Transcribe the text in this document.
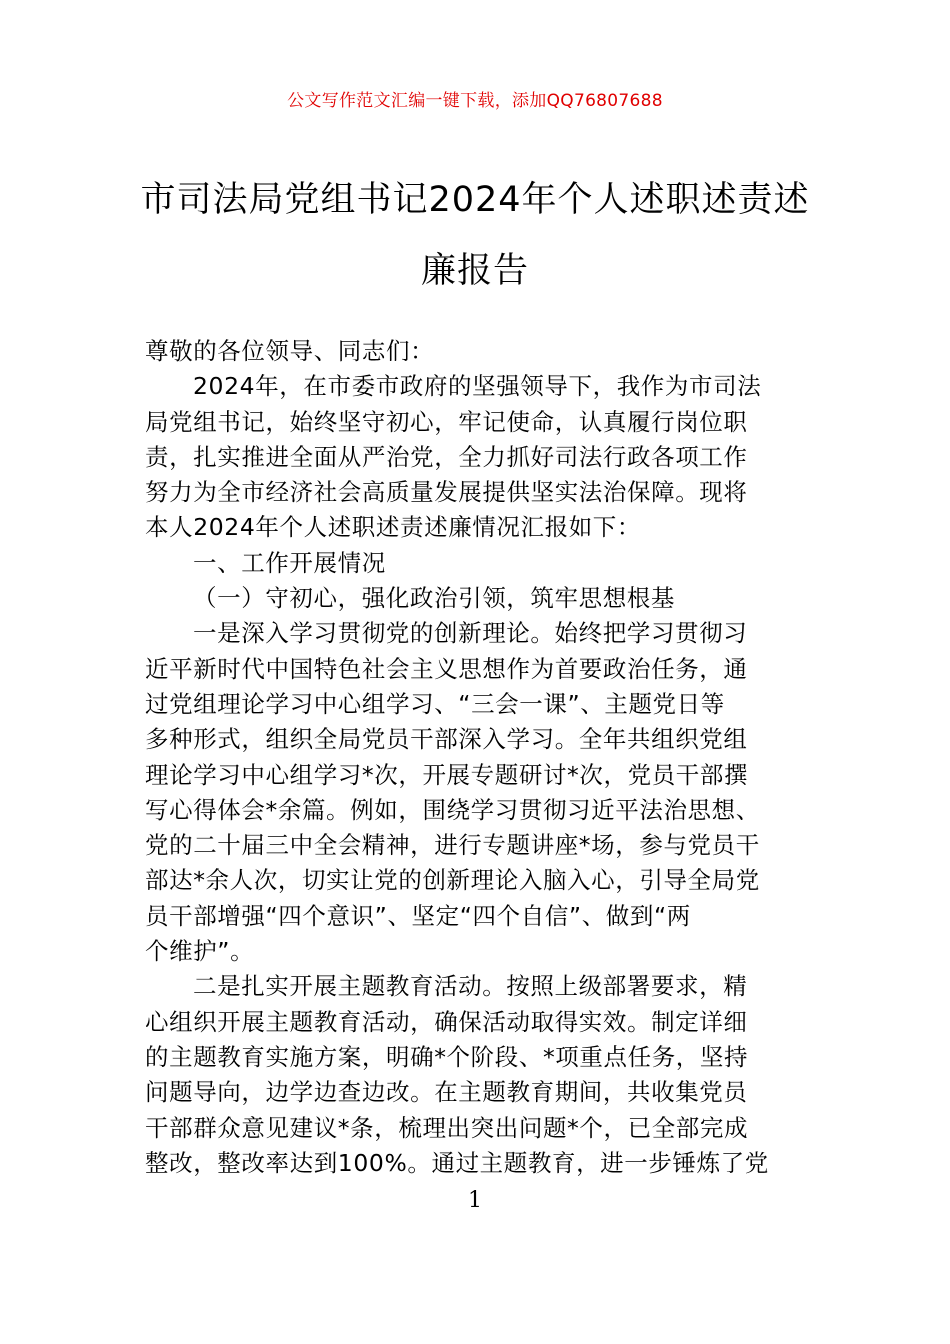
公文写作范文汇编一键下载，添加QQ76807688
市司法局党组书记2024年个人述职述责述
廉报告
尊敬的各位领导、同志们：
2024年，在市委市政府的坚强领导下，我作为市司法
局党组书记，始终坚守初心，牢记使命，认真履行岗位职
责，扎实推进全面从严治党，全力抓好司法行政各项工作
努力为全市经济社会高质量发展提供坚实法治保障。现将
本人2024年个人述职述责述廉情况汇报如下：
一、工作开展情况
（一）守初心，强化政治引领，筑牢思想根基
一是深入学习贯彻党的创新理论。始终把学习贯彻习
近平新时代中国特色社会主义思想作为首要政治任务，通
过党组理论学习中心组学习、“三会一课”、主题党日等
多种形式，组织全局党员干部深入学习。全年共组织党组
理论学习中心组学习*次，开展专题研讨*次，党员干部撰
写心得体会*余篇。例如，围绕学习贯彻习近平法治思想、
党的二十届三中全会精神，进行专题讲座*场，参与党员干
部达*余人次，切实让党的创新理论入脑入心，引导全局党
员干部增强“四个意识”、坚定“四个自信”、做到“两
个维护”。
二是扎实开展主题教育活动。按照上级部署要求，精
心组织开展主题教育活动，确保活动取得实效。制定详细
的主题教育实施方案，明确*个阶段、*项重点任务，坚持
问题导向，边学边查边改。在主题教育期间，共收集党员
干部群众意见建议*条，梳理出突出问题*个，已全部完成
整改，整改率达到100%。通过主题教育，进一步锤炼了党
1
